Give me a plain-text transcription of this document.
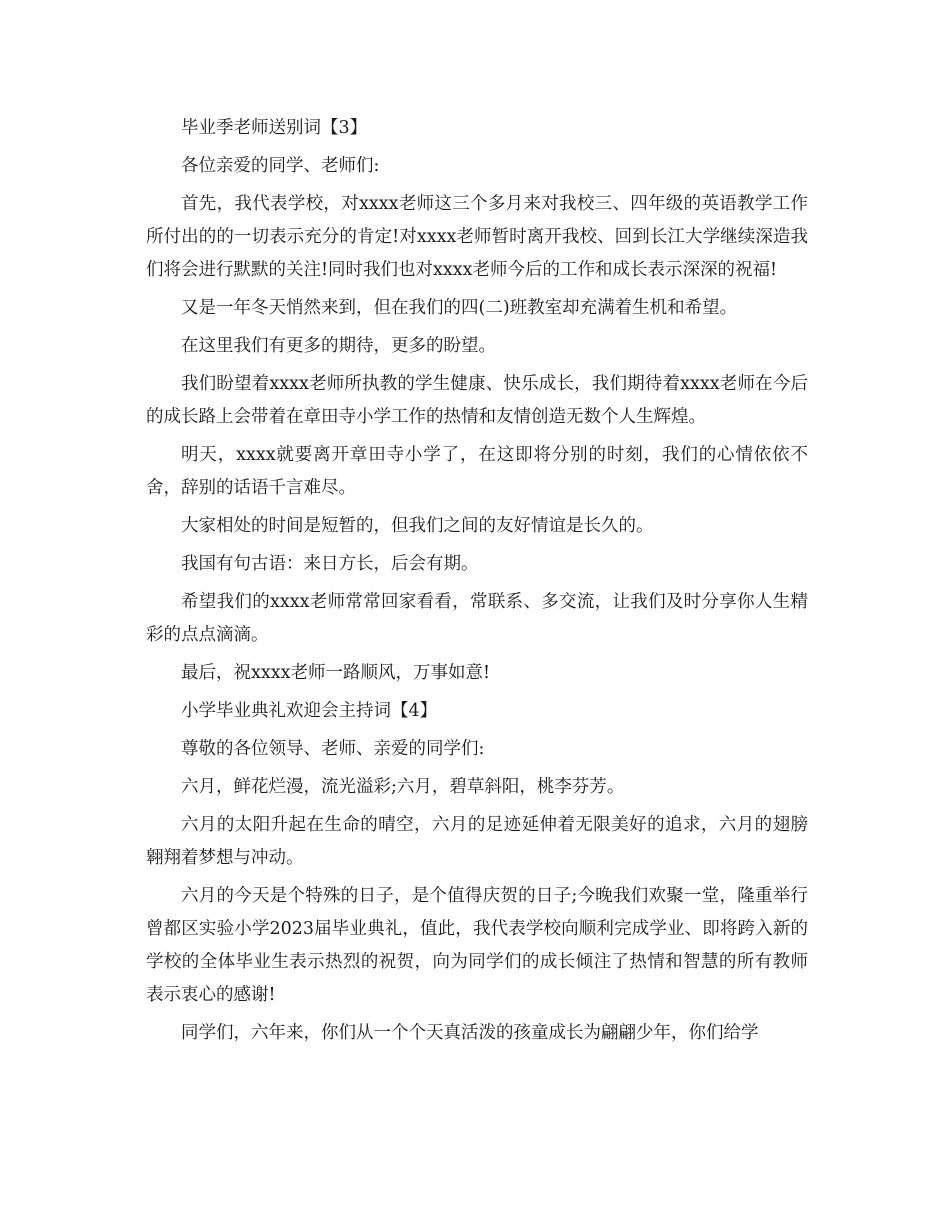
毕业季老师送别词【3】

各位亲爱的同学、老师们:

首先，我代表学校，对xxxx老师这三个多月来对我校三、四年级的英语教学工作所付出的的一切表示充分的肯定!对xxxx老师暂时离开我校、回到长江大学继续深造我们将会进行默默的关注!同时我们也对xxxx老师今后的工作和成长表示深深的祝福!

又是一年冬天悄然来到，但在我们的四(二)班教室却充满着生机和希望。

在这里我们有更多的期待，更多的盼望。

我们盼望着xxxx老师所执教的学生健康、快乐成长，我们期待着xxxx老师在今后的成长路上会带着在章田寺小学工作的热情和友情创造无数个人生辉煌。

明天，xxxx就要离开章田寺小学了，在这即将分别的时刻，我们的心情依依不舍，辞别的话语千言难尽。

大家相处的时间是短暂的，但我们之间的友好情谊是长久的。

我国有句古语：来日方长，后会有期。

希望我们的xxxx老师常常回家看看，常联系、多交流，让我们及时分享你人生精彩的点点滴滴。

最后，祝xxxx老师一路顺风，万事如意!

小学毕业典礼欢迎会主持词【4】

尊敬的各位领导、老师、亲爱的同学们:

六月，鲜花烂漫，流光溢彩;六月，碧草斜阳，桃李芬芳。

六月的太阳升起在生命的晴空，六月的足迹延伸着无限美好的追求，六月的翅膀翱翔着梦想与冲动。

六月的今天是个特殊的日子，是个值得庆贺的日子;今晚我们欢聚一堂，隆重举行曾都区实验小学2023届毕业典礼，值此，我代表学校向顺利完成学业、即将跨入新的学校的全体毕业生表示热烈的祝贺，向为同学们的成长倾注了热情和智慧的所有教师表示衷心的感谢!

同学们，六年来，你们从一个个天真活泼的孩童成长为翩翩少年，你们给学
